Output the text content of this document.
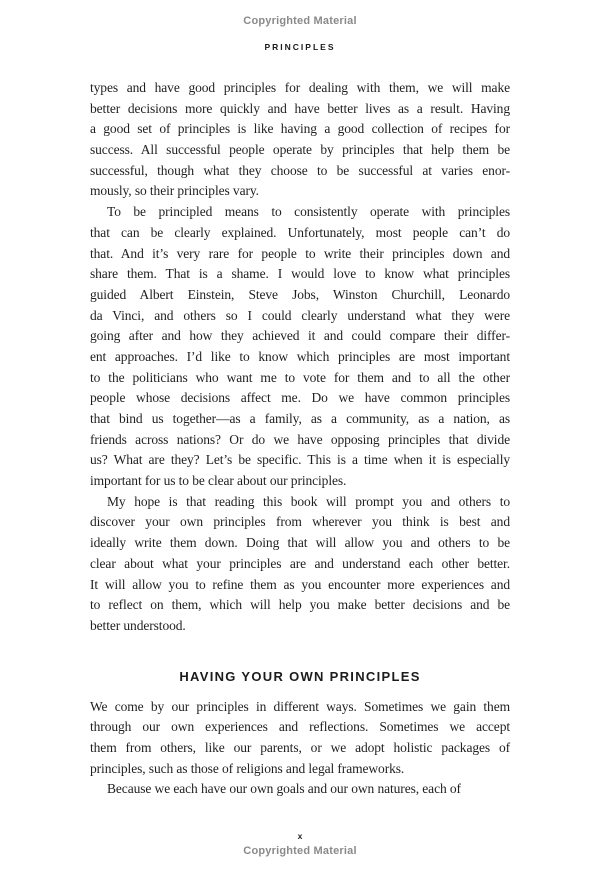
Copyrighted Material
PRINCIPLES
types and have good principles for dealing with them, we will make
better decisions more quickly and have better lives as a result. Having
a good set of principles is like having a good collection of recipes for
success. All successful people operate by principles that help them be
successful, though what they choose to be successful at varies enor-
mously, so their principles vary.
To be principled means to consistently operate with principles
that can be clearly explained. Unfortunately, most people can’t do
that. And it’s very rare for people to write their principles down and
share them. That is a shame. I would love to know what principles
guided Albert Einstein, Steve Jobs, Winston Churchill, Leonardo
da Vinci, and others so I could clearly understand what they were
going after and how they achieved it and could compare their differ-
ent approaches. I’d like to know which principles are most important
to the politicians who want me to vote for them and to all the other
people whose decisions affect me. Do we have common principles
that bind us together—as a family, as a community, as a nation, as
friends across nations? Or do we have opposing principles that divide
us? What are they? Let’s be specific. This is a time when it is especially
important for us to be clear about our principles.
My hope is that reading this book will prompt you and others to
discover your own principles from wherever you think is best and
ideally write them down. Doing that will allow you and others to be
clear about what your principles are and understand each other better.
It will allow you to refine them as you encounter more experiences and
to reflect on them, which will help you make better decisions and be
better understood.
HAVING YOUR OWN PRINCIPLES
We come by our principles in different ways. Sometimes we gain them
through our own experiences and reflections. Sometimes we accept
them from others, like our parents, or we adopt holistic packages of
principles, such as those of religions and legal frameworks.
Because we each have our own goals and our own natures, each of
x
Copyrighted Material
